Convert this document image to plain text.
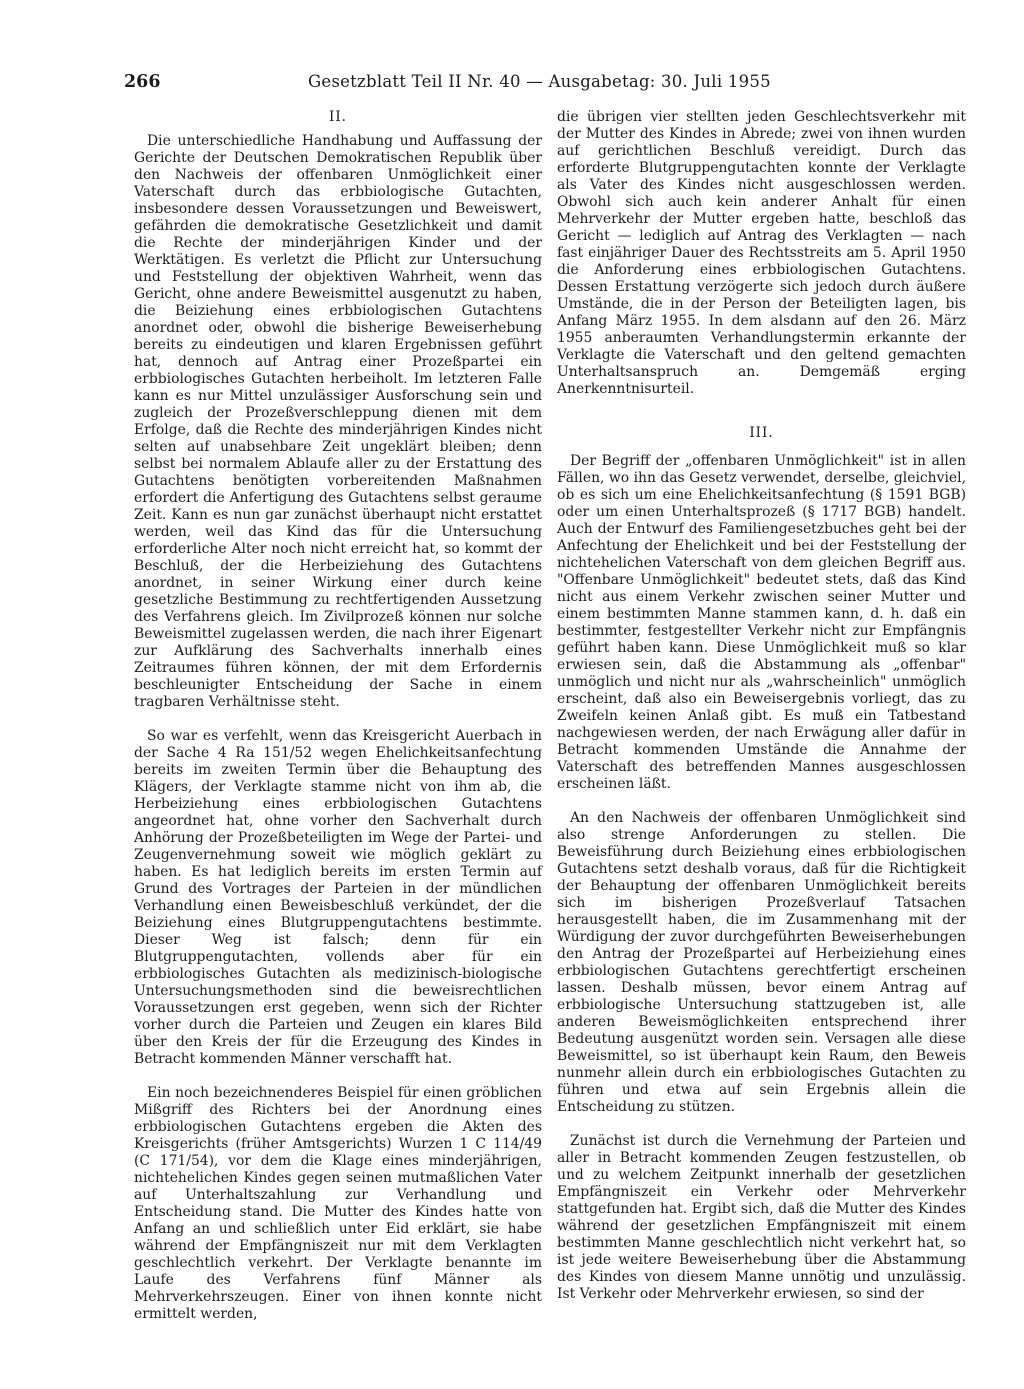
266	Gesetzblatt Teil II Nr. 40 — Ausgabetag: 30. Juli 1955
II.

Die unterschiedliche Handhabung und Auffassung der Gerichte der Deutschen Demokratischen Republik über den Nachweis der offenbaren Unmöglichkeit einer Vaterschaft durch das erbbiologische Gutachten, insbesondere dessen Voraussetzungen und Beweiswert, gefährden die demokratische Gesetzlichkeit und damit die Rechte der minderjährigen Kinder und der Werktätigen. Es verletzt die Pflicht zur Untersuchung und Feststellung der objektiven Wahrheit, wenn das Gericht, ohne andere Beweismittel ausgenutzt zu haben, die Beiziehung eines erbbiologischen Gutachtens anordnet oder, obwohl die bisherige Beweiserhebung bereits zu eindeutigen und klaren Ergebnissen geführt hat, dennoch auf Antrag einer Prozeßpartei ein erbbiologisches Gutachten herbeiholt. Im letzteren Falle kann es nur Mittel unzulässiger Ausforschung sein und zugleich der Prozeßverschleppung dienen mit dem Erfolge, daß die Rechte des minderjährigen Kindes nicht selten auf unabsehbare Zeit ungeklärt bleiben; denn selbst bei normalem Ablaufe aller zu der Erstattung des Gutachtens benötigten vorbereitenden Maßnahmen erfordert die Anfertigung des Gutachtens selbst geraume Zeit. Kann es nun gar zunächst überhaupt nicht erstattet werden, weil das Kind das für die Untersuchung erforderliche Alter noch nicht erreicht hat, so kommt der Beschluß, der die Herbeiziehung des Gutachtens anordnet, in seiner Wirkung einer durch keine gesetzliche Bestimmung zu rechtfertigenden Aussetzung des Verfahrens gleich. Im Zivilprozeß können nur solche Beweismittel zugelassen werden, die nach ihrer Eigenart zur Aufklärung des Sachverhalts innerhalb eines Zeitraumes führen können, der mit dem Erfordernis beschleunigter Entscheidung der Sache in einem tragbaren Verhältnisse steht.

So war es verfehlt, wenn das Kreisgericht Auerbach in der Sache 4 Ra 151/52 wegen Ehelichkeitsanfechtung bereits im zweiten Termin über die Behauptung des Klägers, der Verklagte stamme nicht von ihm ab, die Herbeiziehung eines erbbiologischen Gutachtens angeordnet hat, ohne vorher den Sachverhalt durch Anhörung der Prozeßbeteiligten im Wege der Partei- und Zeugenvernehmung soweit wie möglich geklärt zu haben. Es hat lediglich bereits im ersten Termin auf Grund des Vortrages der Parteien in der mündlichen Verhandlung einen Beweisbeschluß verkündet, der die Beiziehung eines Blutgruppengutachtens bestimmte. Dieser Weg ist falsch; denn für ein Blutgruppengutachten, vollends aber für ein erbbiologisches Gutachten als medizinisch-biologische Untersuchungsmethoden sind die beweisrechtlichen Voraussetzungen erst gegeben, wenn sich der Richter vorher durch die Parteien und Zeugen ein klares Bild über den Kreis der für die Erzeugung des Kindes in Betracht kommenden Männer verschafft hat.

Ein noch bezeichnenderes Beispiel für einen gröblichen Mißgriff des Richters bei der Anordnung eines erbbiologischen Gutachtens ergeben die Akten des Kreisgerichts (früher Amtsgerichts) Wurzen 1 C 114/49 (C 171/54), vor dem die Klage eines minderjährigen, nichtehelichen Kindes gegen seinen mutmaßlichen Vater auf Unterhaltszahlung zur Verhandlung und Entscheidung stand. Die Mutter des Kindes hatte von Anfang an und schließlich unter Eid erklärt, sie habe während der Empfängniszeit nur mit dem Verklagten geschlechtlich verkehrt. Der Verklagte benannte im Laufe des Verfahrens fünf Männer als Mehrverkehrszeugen. Einer von ihnen konnte nicht ermittelt werden,

die übrigen vier stellten jeden Geschlechtsverkehr mit der Mutter des Kindes in Abrede; zwei von ihnen wurden auf gerichtlichen Beschluß vereidigt. Durch das erforderte Blutgruppengutachten konnte der Verklagte als Vater des Kindes nicht ausgeschlossen werden. Obwohl sich auch kein anderer Anhalt für einen Mehrverkehr der Mutter ergeben hatte, beschloß das Gericht — lediglich auf Antrag des Verklagten — nach fast einjähriger Dauer des Rechtsstreits am 5. April 1950 die Anforderung eines erbbiologischen Gutachtens. Dessen Erstattung verzögerte sich jedoch durch äußere Umstände, die in der Person der Beteiligten lagen, bis Anfang März 1955. In dem alsdann auf den 26. März 1955 anberaumten Verhandlungstermin erkannte der Verklagte die Vaterschaft und den geltend gemachten Unterhaltsanspruch an. Demgemäß erging Anerkenntnisurteil.

III.

Der Begriff der „offenbaren Unmöglichkeit" ist in allen Fällen, wo ihn das Gesetz verwendet, derselbe, gleichviel, ob es sich um eine Ehelichkeitsanfechtung (§ 1591 BGB) oder um einen Unterhaltsprozeß (§ 1717 BGB) handelt. Auch der Entwurf des Familiengesetzbuches geht bei der Anfechtung der Ehelichkeit und bei der Feststellung der nichtehelichen Vaterschaft von dem gleichen Begriff aus. "Offenbare Unmöglichkeit" bedeutet stets, daß das Kind nicht aus einem Verkehr zwischen seiner Mutter und einem bestimmten Manne stammen kann, d. h. daß ein bestimmter, festgestellter Verkehr nicht zur Empfängnis geführt haben kann. Diese Unmöglichkeit muß so klar erwiesen sein, daß die Abstammung als „offenbar" unmöglich und nicht nur als „wahrscheinlich" unmöglich erscheint, daß also ein Beweisergebnis vorliegt, das zu Zweifeln keinen Anlaß gibt. Es muß ein Tatbestand nachgewiesen werden, der nach Erwägung aller dafür in Betracht kommenden Umstände die Annahme der Vaterschaft des betreffenden Mannes ausgeschlossen erscheinen läßt.

An den Nachweis der offenbaren Unmöglichkeit sind also strenge Anforderungen zu stellen. Die Beweisführung durch Beiziehung eines erbbiologischen Gutachtens setzt deshalb voraus, daß für die Richtigkeit der Behauptung der offenbaren Unmöglichkeit bereits sich im bisherigen Prozeßverlauf Tatsachen herausgestellt haben, die im Zusammenhang mit der Würdigung der zuvor durchgeführten Beweiserhebungen den Antrag der Prozeßpartei auf Herbeiziehung eines erbbiologischen Gutachtens gerechtfertigt erscheinen lassen. Deshalb müssen, bevor einem Antrag auf erbbiologische Untersuchung stattzugeben ist, alle anderen Beweismöglichkeiten entsprechend ihrer Bedeutung ausgenützt worden sein. Versagen alle diese Beweismittel, so ist überhaupt kein Raum, den Beweis nunmehr allein durch ein erbbiologisches Gutachten zu führen und etwa auf sein Ergebnis allein die Entscheidung zu stützen.

Zunächst ist durch die Vernehmung der Parteien und aller in Betracht kommenden Zeugen festzustellen, ob und zu welchem Zeitpunkt innerhalb der gesetzlichen Empfängniszeit ein Verkehr oder Mehrverkehr stattgefunden hat. Ergibt sich, daß die Mutter des Kindes während der gesetzlichen Empfängniszeit mit einem bestimmten Manne geschlechtlich nicht verkehrt hat, so ist jede weitere Beweiserhebung über die Abstammung des Kindes von diesem Manne unnötig und unzulässig. Ist Verkehr oder Mehrverkehr erwiesen, so sind der
